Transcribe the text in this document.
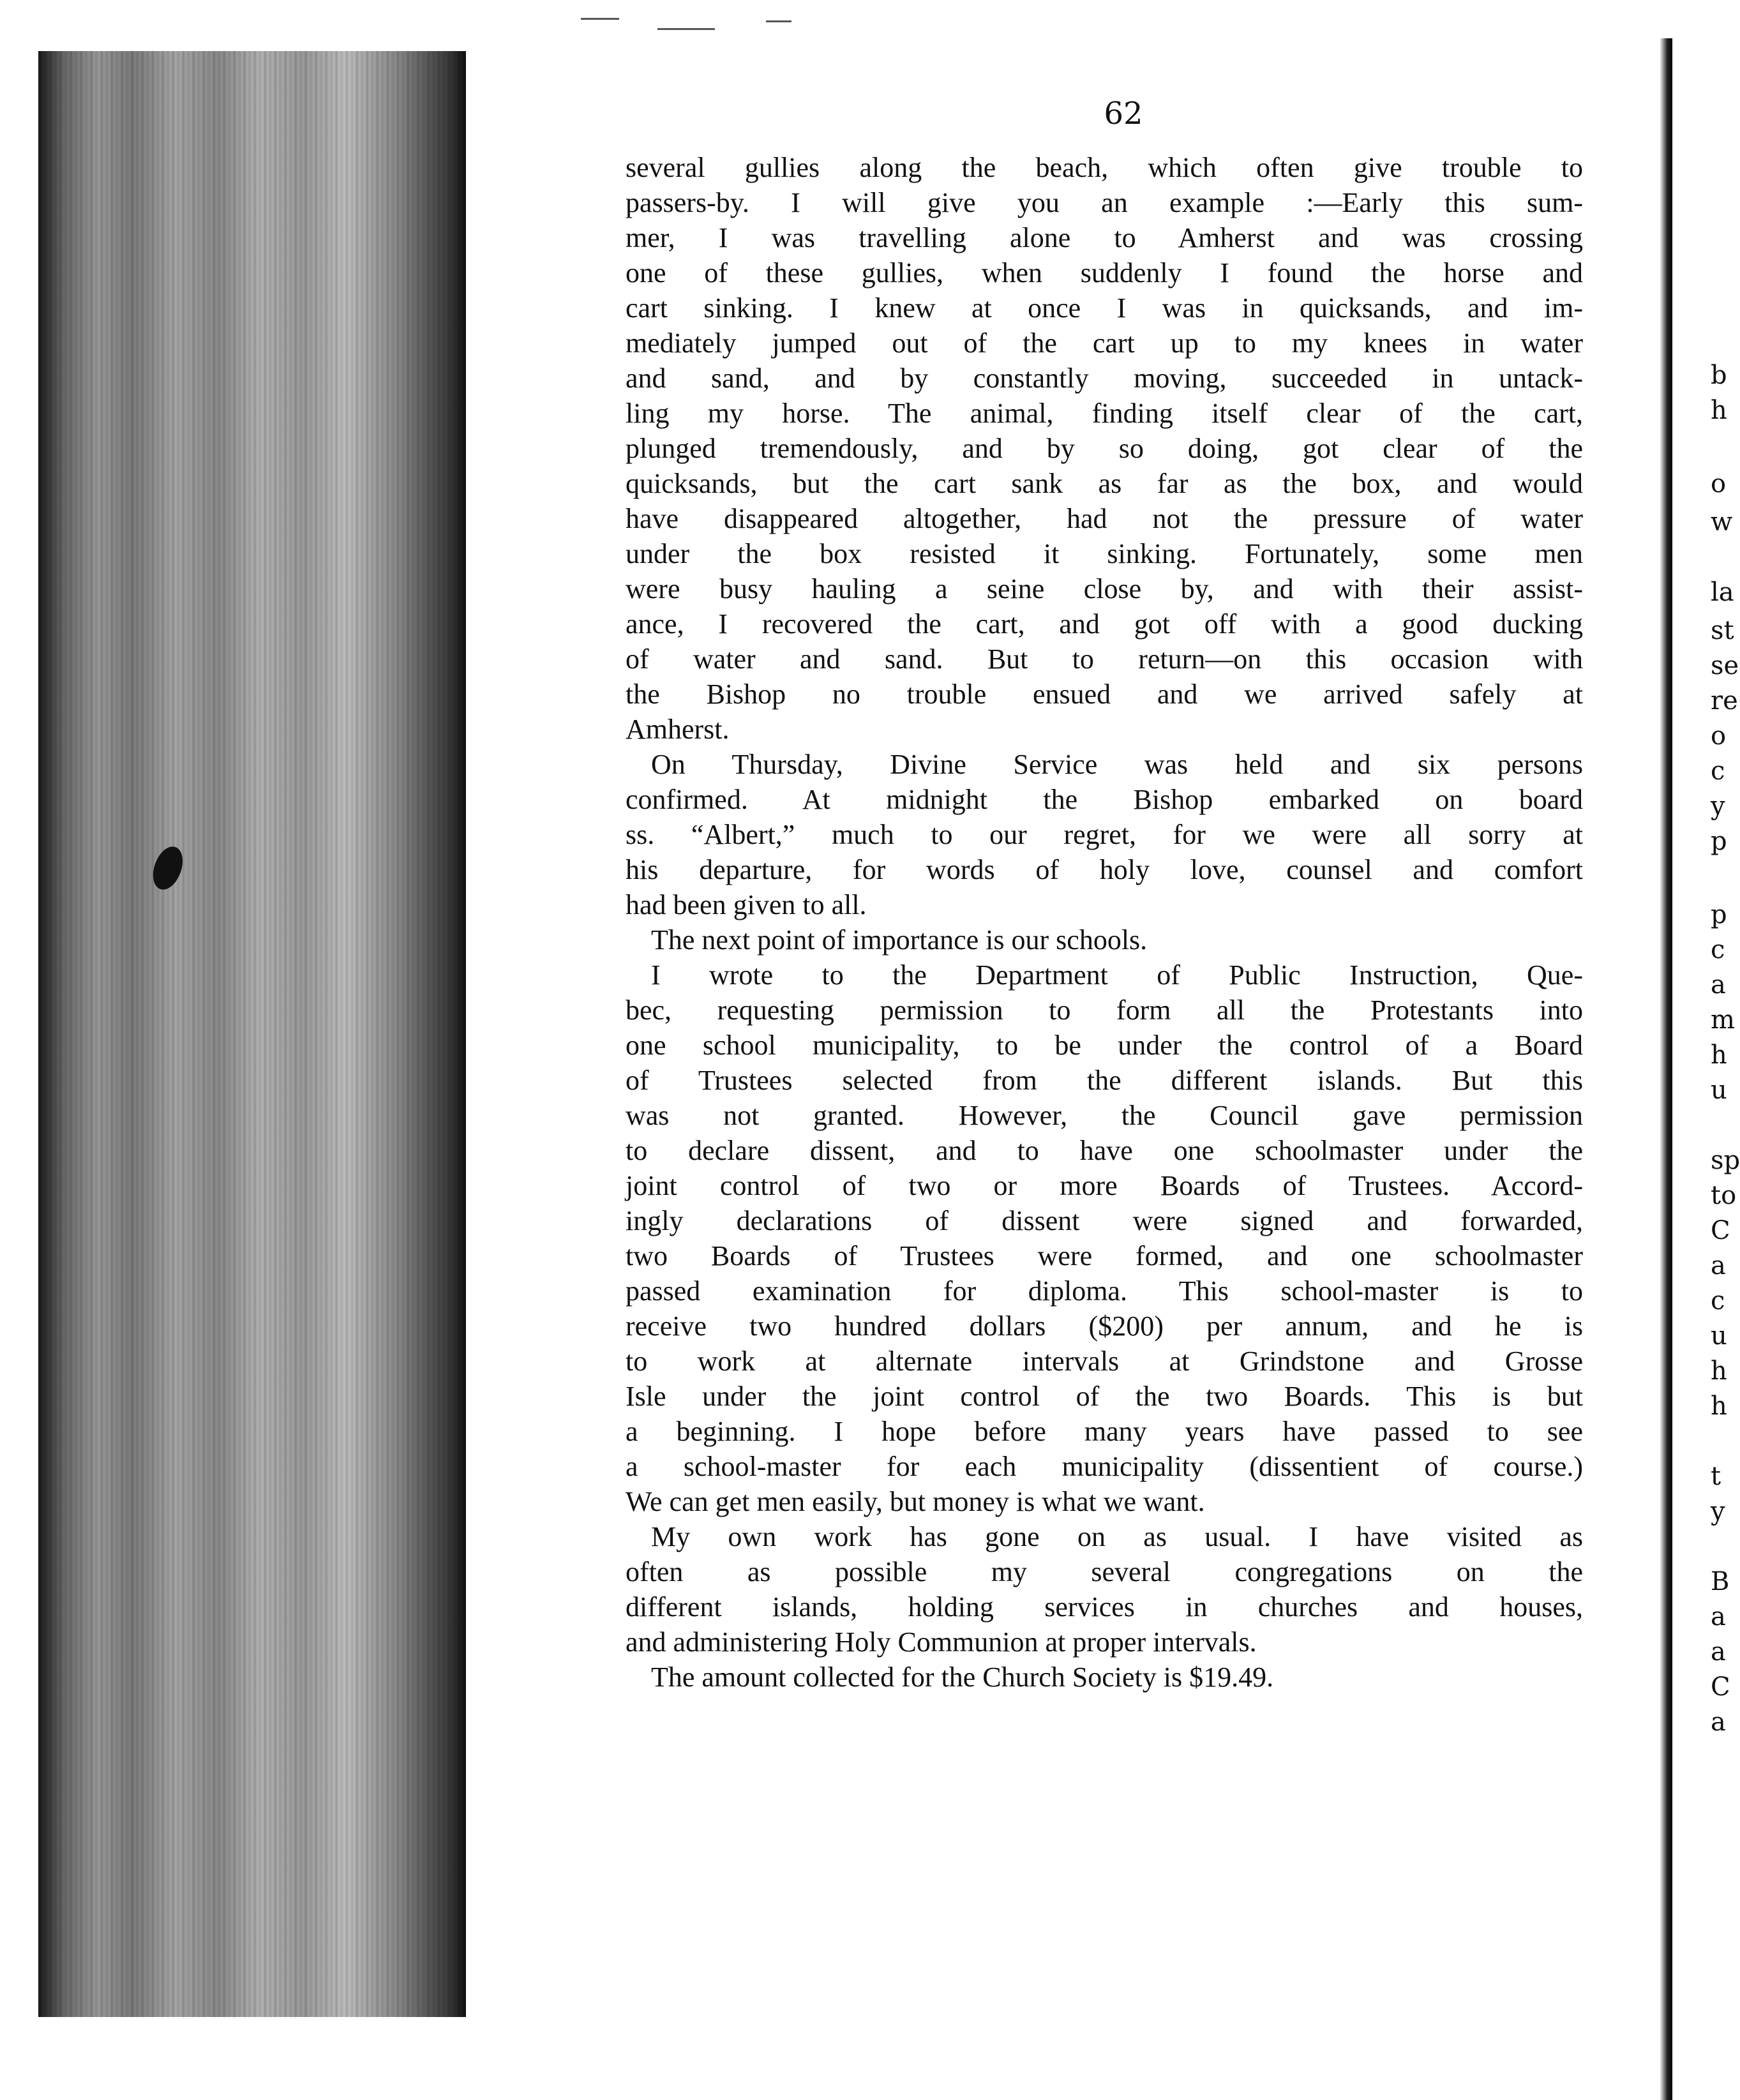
62
several gullies along the beach, which often give trouble to
passers-by. I will give you an example :—Early this sum-
mer, I was travelling alone to Amherst and was crossing
one of these gullies, when suddenly I found the horse and
cart sinking. I knew at once I was in quicksands, and im-
mediately jumped out of the cart up to my knees in water
and sand, and by constantly moving, succeeded in untack-
ling my horse. The animal, finding itself clear of the cart,
plunged tremendously, and by so doing, got clear of the
quicksands, but the cart sank as far as the box, and would
have disappeared altogether, had not the pressure of water
under the box resisted it sinking. Fortunately, some men
were busy hauling a seine close by, and with their assist-
ance, I recovered the cart, and got off with a good ducking
of water and sand. But to return—on this occasion with
the Bishop no trouble ensued and we arrived safely at
Amherst.
On Thursday, Divine Service was held and six persons
confirmed. At midnight the Bishop embarked on board
ss. “Albert,” much to our regret, for we were all sorry at
his departure, for words of holy love, counsel and comfort
had been given to all.
The next point of importance is our schools.
I wrote to the Department of Public Instruction, Que-
bec, requesting permission to form all the Protestants into
one school municipality, to be under the control of a Board
of Trustees selected from the different islands. But this
was not granted. However, the Council gave permission
to declare dissent, and to have one schoolmaster under the
joint control of two or more Boards of Trustees. Accord-
ingly declarations of dissent were signed and forwarded,
two Boards of Trustees were formed, and one schoolmaster
passed examination for diploma. This school-master is to
receive two hundred dollars ($200) per annum, and he is
to work at alternate intervals at Grindstone and Grosse
Isle under the joint control of the two Boards. This is but
a beginning. I hope before many years have passed to see
a school-master for each municipality (dissentient of course.)
We can get men easily, but money is what we want.
My own work has gone on as usual. I have visited as
often as possible my several congregations on the
different islands, holding services in churches and houses,
and administering Holy Communion at proper intervals.
The amount collected for the Church Society is $19.49.
b
h
o
w
la
st
se
re
o
c
y
p
p
c
a
m
h
u
sp
to
C
a
c
u
h
h
t
y
B
a
a
C
a
